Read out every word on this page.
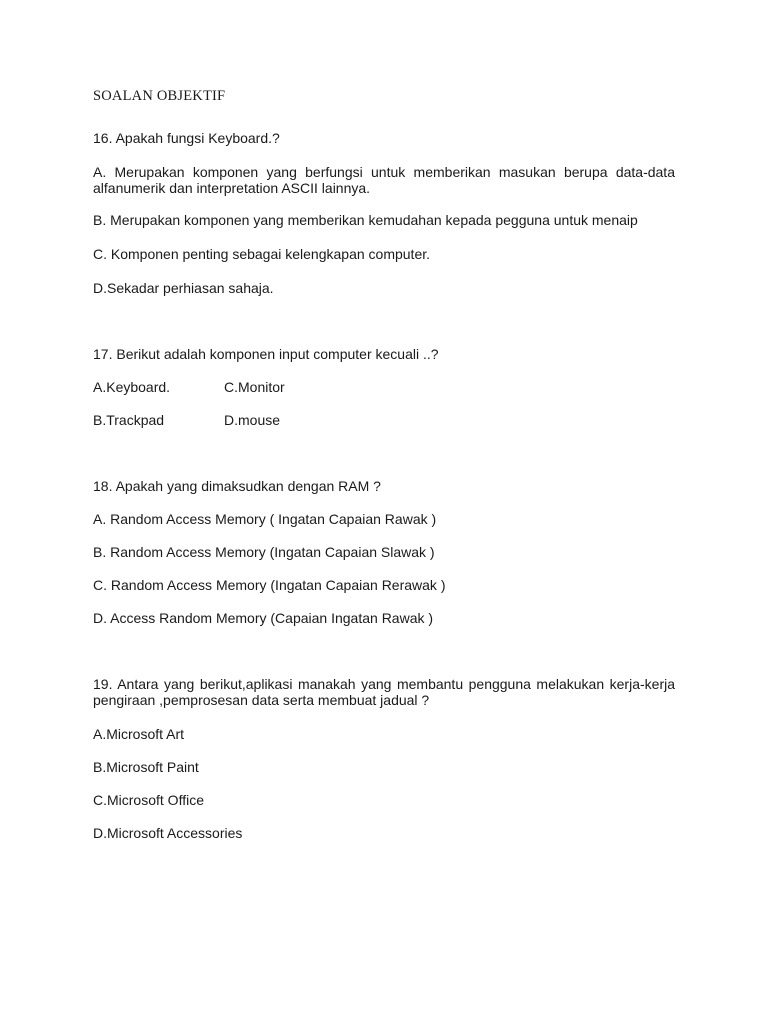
SOALAN OBJEKTIF
16. Apakah fungsi Keyboard.?
A. Merupakan komponen yang berfungsi untuk memberikan masukan berupa data-data alfanumerik dan interpretation ASCII lainnya.
B. Merupakan komponen yang memberikan kemudahan kepada pegguna untuk menaip
C. Komponen penting sebagai kelengkapan computer.
D.Sekadar perhiasan sahaja.
17. Berikut adalah komponen input computer kecuali ..?
A.Keyboard.	C.Monitor
B.Trackpad	D.mouse
18. Apakah yang dimaksudkan dengan RAM ?
A. Random Access Memory ( Ingatan Capaian Rawak )
B. Random Access Memory (Ingatan Capaian Slawak )
C. Random Access Memory (Ingatan Capaian Rerawak )
D. Access Random Memory (Capaian Ingatan Rawak )
19. Antara yang berikut,aplikasi manakah yang membantu pengguna melakukan kerja-kerja pengiraan ,pemprosesan data serta membuat jadual ?
A.Microsoft Art
B.Microsoft Paint
C.Microsoft Office
D.Microsoft Accessories
